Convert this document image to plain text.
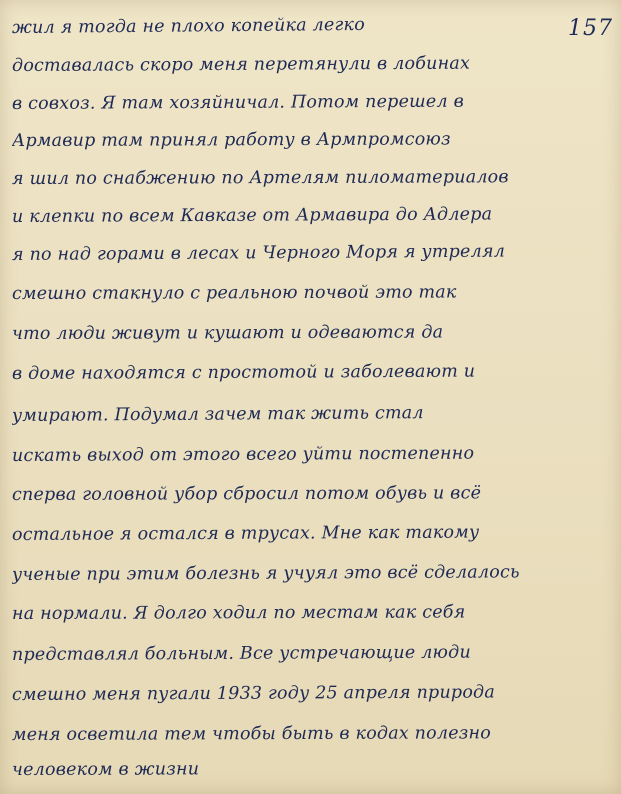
157
жил я тогда не плохо копейка легко
доставалась скоро меня перетянули в лобинах
в совхоз. Я там хозяйничал. Потом перешел в
Армавир там принял работу в Армпромсоюз
я шил по снабжению по Артелям пиломатериалов
и клепки по всем Кавказе от Армавира до Адлера
я по над горами в лесах и Черного Моря я утрелял
смешно стакнуло с реальною почвой это так
что люди живут и кушают и одеваются да
в доме находятся с простотой и заболевают и
умирают. Подумал зачем так жить стал
искать выход от этого всего уйти постепенно
сперва головной убор сбросил потом обувь и всё
остальное я остался в трусах. Мне как такому
ученые при этим болезнь я учуял это всё сделалось
на нормали. Я долго ходил по местам как себя
представлял больным. Все устречающие люди
смешно меня пугали 1933 году 25 апреля природа
меня осветила тем чтобы быть в кодах полезно
человеком в жизни
